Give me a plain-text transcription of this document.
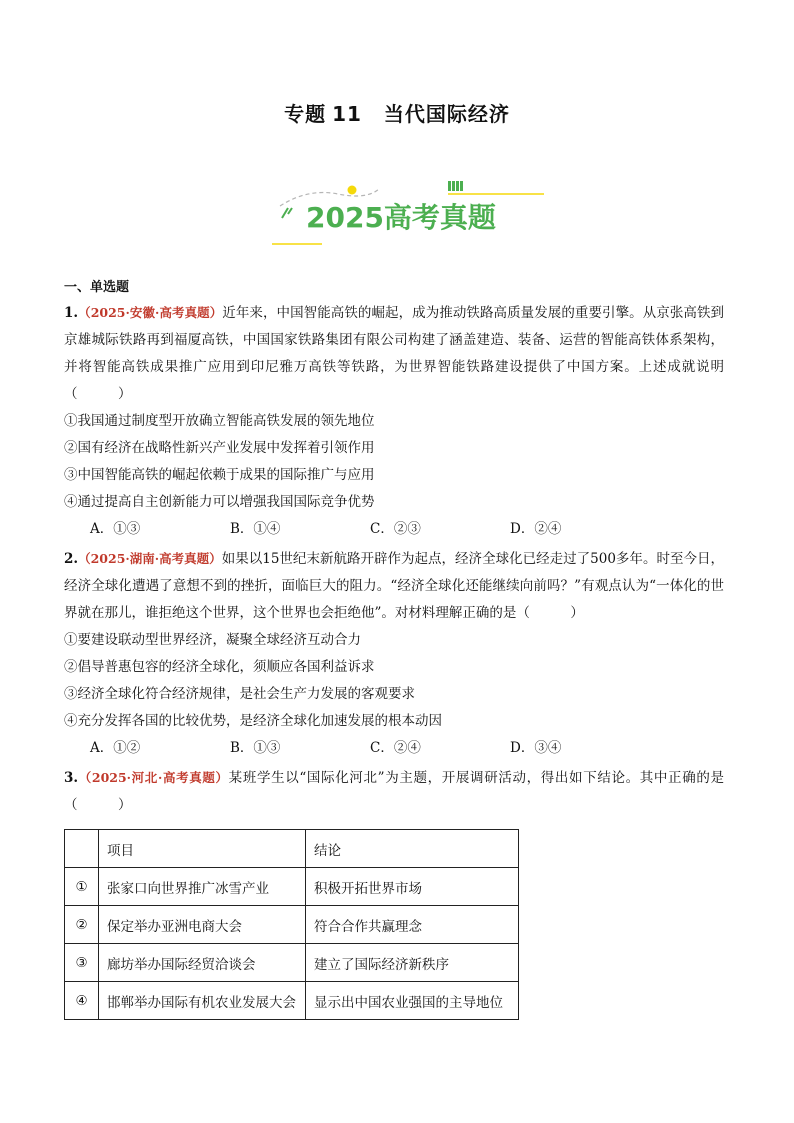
专题 11 当代国际经济
2025高考真题
一、单选题
1.（2025·安徽·高考真题）近年来，中国智能高铁的崛起，成为推动铁路高质量发展的重要引擎。从京张高铁到京雄城际铁路再到福厦高铁，中国国家铁路集团有限公司构建了涵盖建造、装备、运营的智能高铁体系架构，并将智能高铁成果推广应用到印尼雅万高铁等铁路，为世界智能铁路建设提供了中国方案。上述成就说明（　　　）
①我国通过制度型开放确立智能高铁发展的领先地位
②国有经济在战略性新兴产业发展中发挥着引领作用
③中国智能高铁的崛起依赖于成果的国际推广与应用
④通过提高自主创新能力可以增强我国国际竞争优势
A．①③	B．①④	C．②③	D．②④
2.（2025·湖南·高考真题）如果以15世纪末新航路开辟作为起点，经济全球化已经走过了500多年。时至今日，经济全球化遭遇了意想不到的挫折，面临巨大的阻力。“经济全球化还能继续向前吗？”有观点认为“一体化的世界就在那儿，谁拒绝这个世界，这个世界也会拒绝他”。对材料理解正确的是（　　　）
①要建设联动型世界经济，凝聚全球经济互动合力
②倡导普惠包容的经济全球化，须顺应各国利益诉求
③经济全球化符合经济规律，是社会生产力发展的客观要求
④充分发挥各国的比较优势，是经济全球化加速发展的根本动因
A．①②	B．①③	C．②④	D．③④
3.（2025·河北·高考真题）某班学生以“国际化河北”为主题，开展调研活动，得出如下结论。其中正确的是（　　　）
	项目	结论
①	张家口向世界推广冰雪产业	积极开拓世界市场
②	保定举办亚洲电商大会	符合合作共赢理念
③	廊坊举办国际经贸洽谈会	建立了国际经济新秩序
④	邯郸举办国际有机农业发展大会	显示出中国农业强国的主导地位
